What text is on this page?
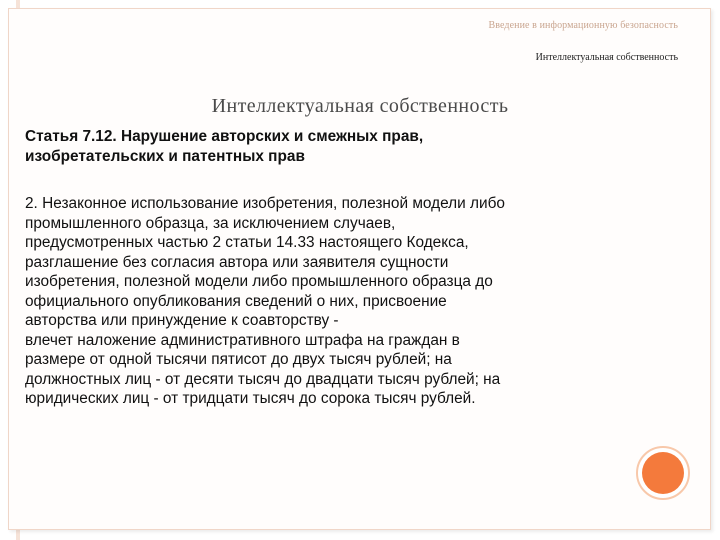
Введение в информационную безопасность
Интеллектуальная собственность
Интеллектуальная собственность
Статья 7.12. Нарушение авторских и смежных прав,
изобретательских и патентных прав
2. Незаконное использование изобретения, полезной модели либо
промышленного образца, за исключением случаев,
предусмотренных частью 2 статьи 14.33 настоящего Кодекса,
разглашение без согласия автора или заявителя сущности
изобретения, полезной модели либо промышленного образца до
официального опубликования сведений о них, присвоение
авторства или принуждение к соавторству -
влечет наложение административного штрафа на граждан в
размере от одной тысячи пятисот до двух тысяч рублей; на
должностных лиц - от десяти тысяч до двадцати тысяч рублей; на
юридических лиц - от тридцати тысяч до сорока тысяч рублей.
